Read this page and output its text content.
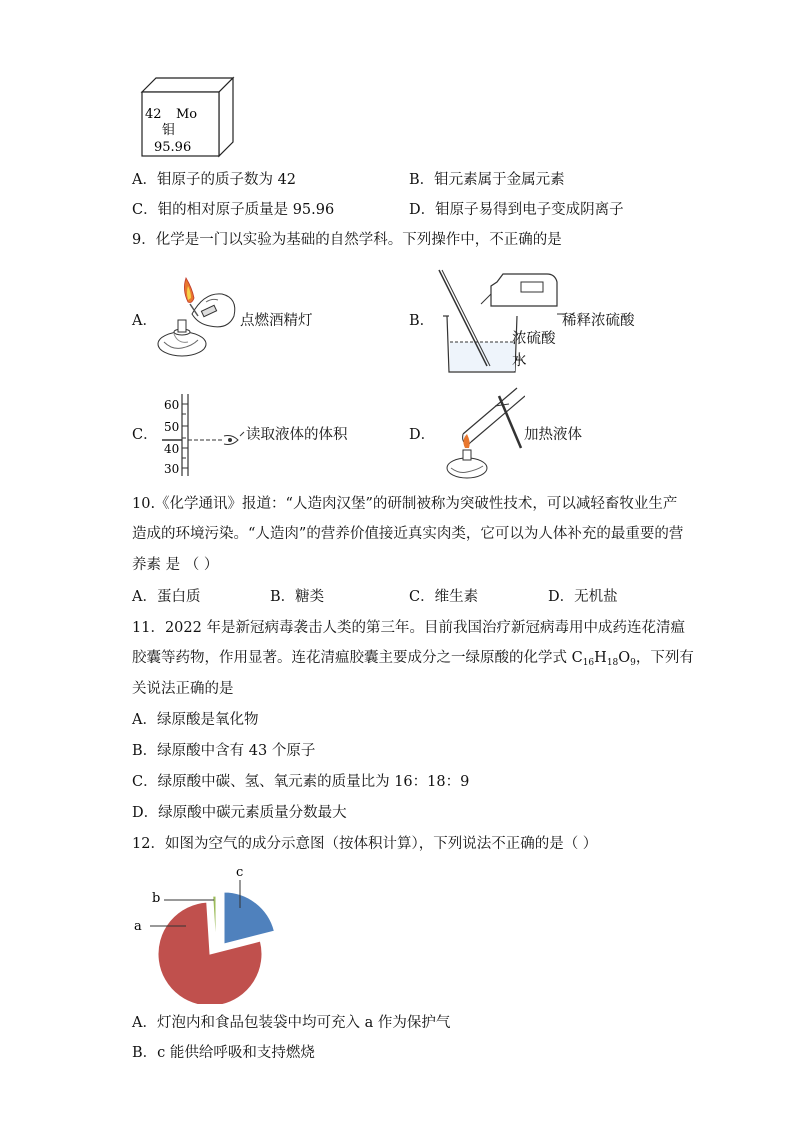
42 Mo
钼
95.96
A．钼原子的质子数为 42	B．钼元素属于金属元素
C．钼的相对原子质量是 95.96	D．钼原子易得到电子变成阴离子
9．化学是一门以实验为基础的自然学科。下列操作中，不正确的是
A．	点燃酒精灯	B．	稀释浓硫酸
浓硫酸
水
C．
60
50
40
30
读取液体的体积	D．	加热液体
10.《化学通讯》报道：“人造肉汉堡”的研制被称为突破性技术，可以减轻畜牧业生产
造成的环境污染。“人造肉”的营养价值接近真实肉类，它可以为人体补充的最重要的营
养素 是 （ ）
A．蛋白质	B．糖类	C．维生素	D．无机盐
11．2022 年是新冠病毒袭击人类的第三年。目前我国治疗新冠病毒用中成药连花清瘟
胶囊等药物，作用显著。连花清瘟胶囊主要成分之一绿原酸的化学式 $C_{16}H_{18}O_9$，下列有
关说法正确的是
A．绿原酸是氧化物
B．绿原酸中含有 43 个原子
C．绿原酸中碳、氢、氧元素的质量比为 16：18：9
D．绿原酸中碳元素质量分数最大
12．如图为空气的成分示意图（按体积计算），下列说法不正确的是（ ）
a
b
c
A．灯泡内和食品包装袋中均可充入 a 作为保护气
B．c 能供给呼吸和支持燃烧
